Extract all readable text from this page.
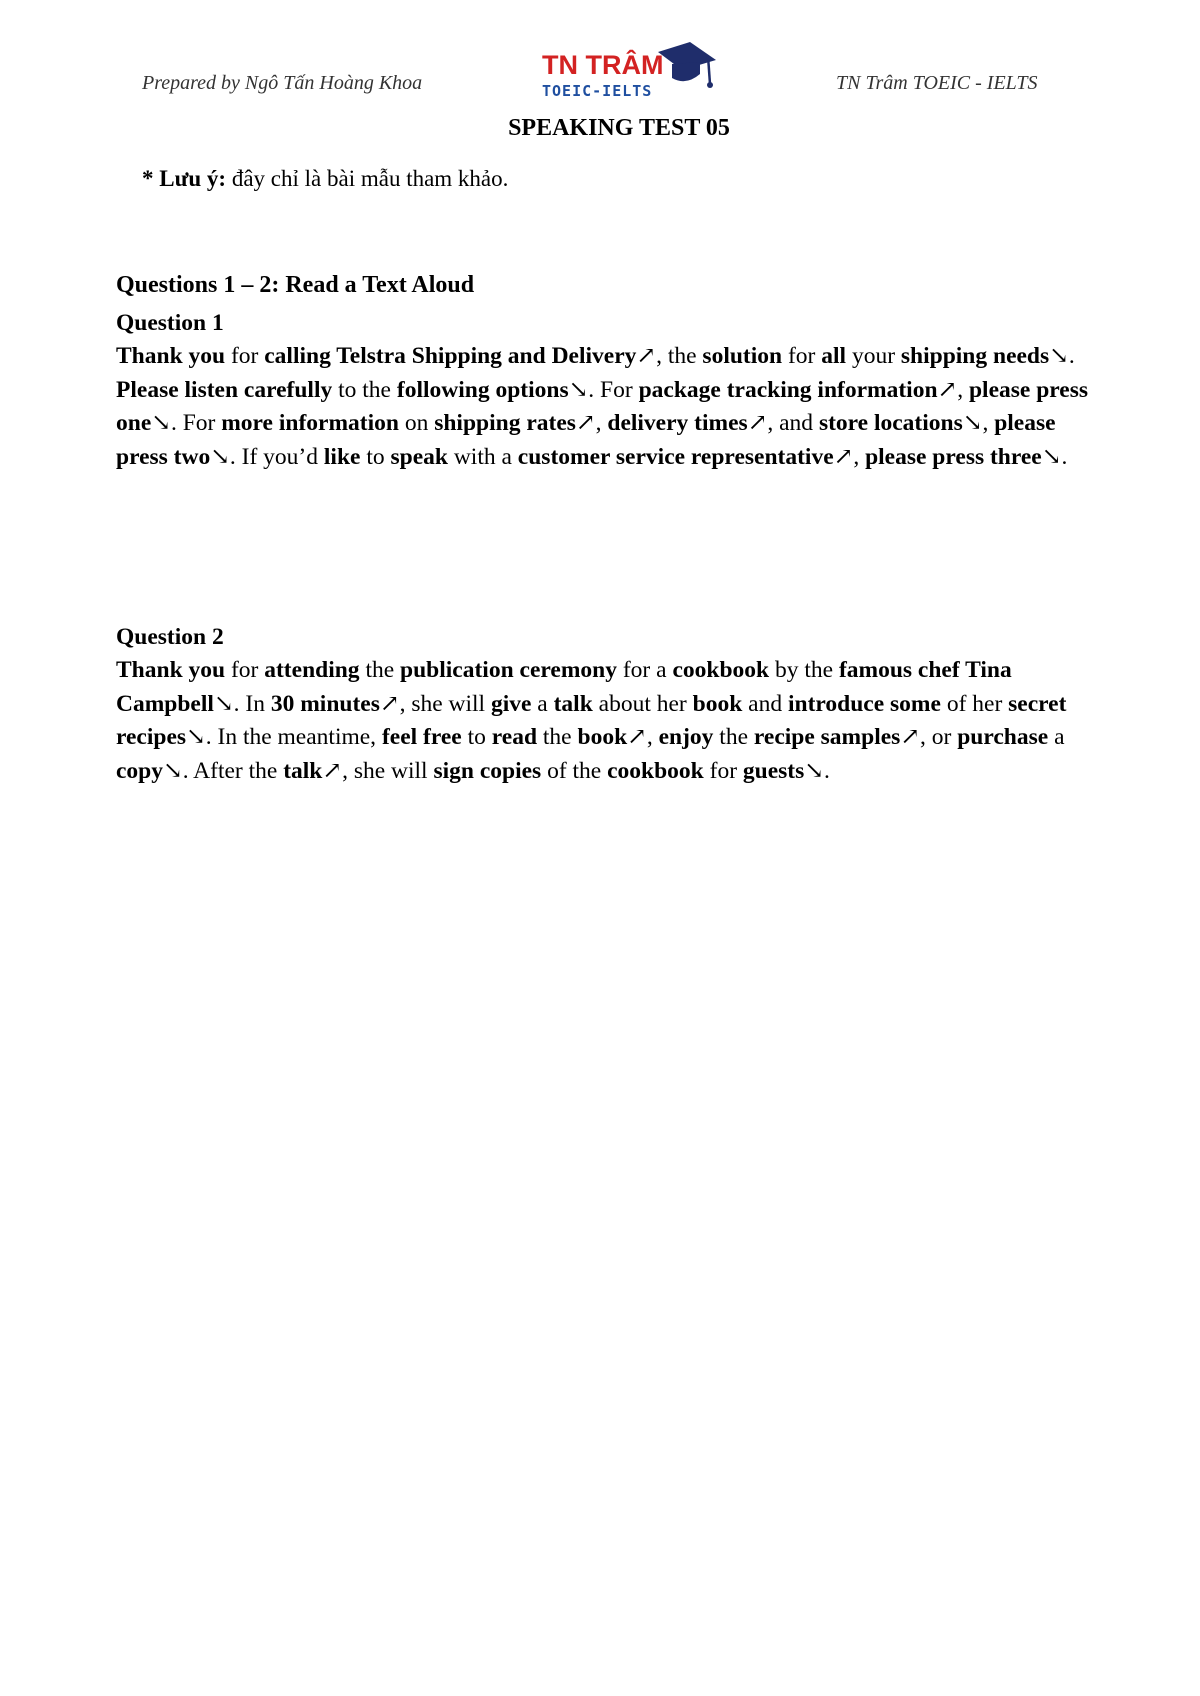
Prepared by Ngô Tấn Hoàng Khoa
TN TRÂM
TOEIC-IELTS	TN Trâm TOEIC - IELTS
SPEAKING TEST 05
* Lưu ý: đây chỉ là bài mẫu tham khảo.
Questions 1 – 2: Read a Text Aloud
Question 1
Thank you for calling Telstra Shipping and Delivery↗, the solution for all your shipping needs↘. Please listen carefully to the following options↘. For package tracking information↗, please press one↘. For more information on shipping rates↗, delivery times↗, and store locations↘, please press two↘. If you’d like to speak with a customer service representative↗, please press three↘.
Question 2
Thank you for attending the publication ceremony for a cookbook by the famous chef Tina Campbell↘. In 30 minutes↗, she will give a talk about her book and introduce some of her secret recipes↘. In the meantime, feel free to read the book↗, enjoy the recipe samples↗, or purchase a copy↘. After the talk↗, she will sign copies of the cookbook for guests↘.
